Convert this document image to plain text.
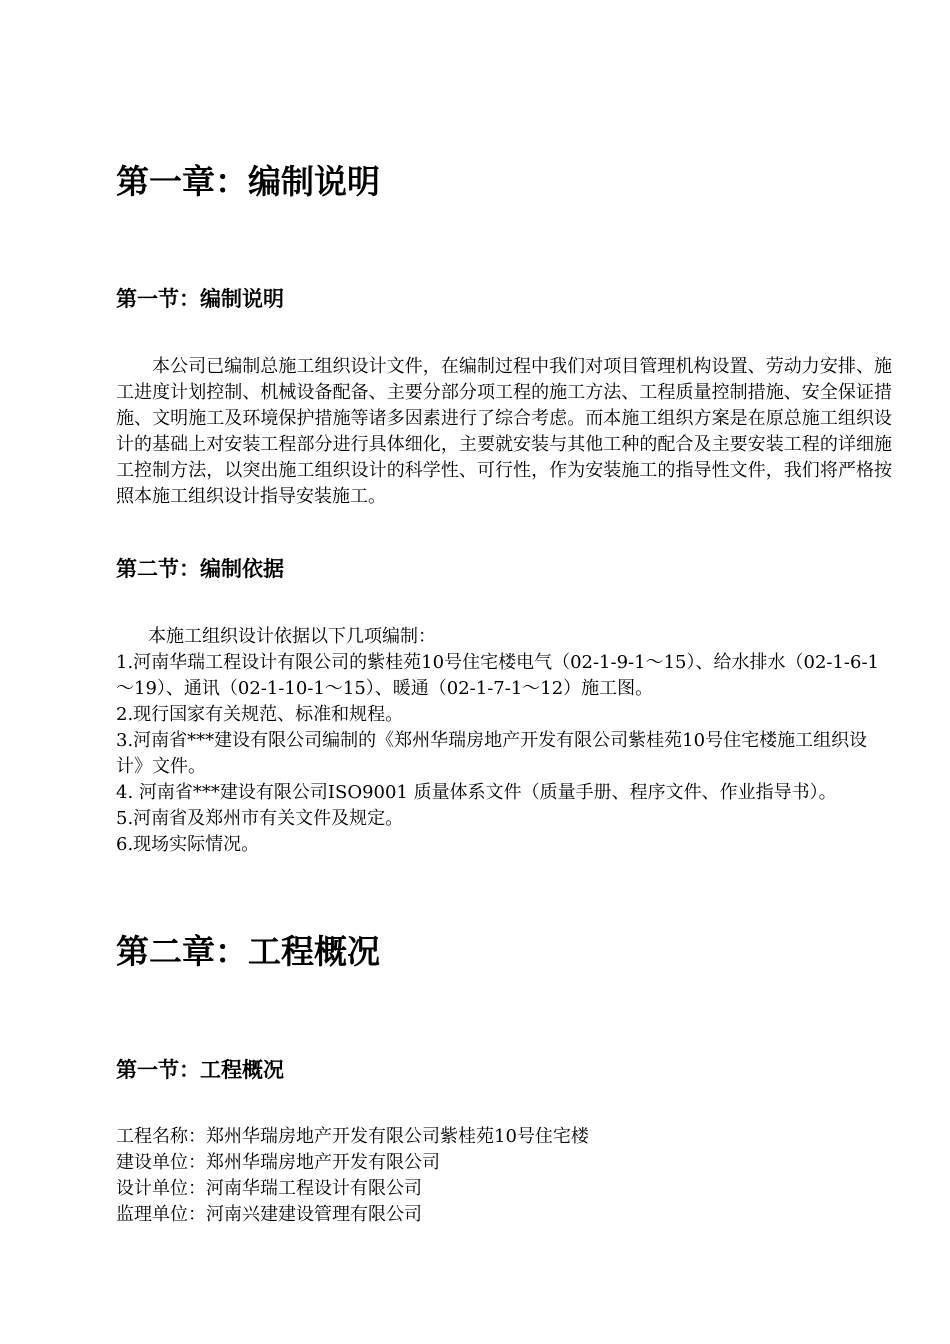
第一章：编制说明
第一节：编制说明

本公司已编制总施工组织设计文件，在编制过程中我们对项目管理机构设置、劳动力安排、施工进度计划控制、机械设备配备、主要分部分项工程的施工方法、工程质量控制措施、安全保证措施、文明施工及环境保护措施等诸多因素进行了综合考虑。而本施工组织方案是在原总施工组织设计的基础上对安装工程部分进行具体细化，主要就安装与其他工种的配合及主要安装工程的详细施工控制方法，以突出施工组织设计的科学性、可行性，作为安装施工的指导性文件，我们将严格按照本施工组织设计指导安装施工。

第二节：编制依据
本施工组织设计依据以下几项编制：
1.河南华瑞工程设计有限公司的紫桂苑10号住宅楼电气（02-1-9-1～15）、给水排水（02-1-6-1～19）、通讯（02-1-10-1～15）、暖通（02-1-7-1～12）施工图。
2.现行国家有关规范、标准和规程。
3.河南省***建设有限公司编制的《郑州华瑞房地产开发有限公司紫桂苑10号住宅楼施工组织设计》文件。
4. 河南省***建设有限公司ISO9001 质量体系文件（质量手册、程序文件、作业指导书）。
5.河南省及郑州市有关文件及规定。
6.现场实际情况。
第二章：工程概况
第一节：工程概况
工程名称：郑州华瑞房地产开发有限公司紫桂苑10号住宅楼
建设单位：郑州华瑞房地产开发有限公司
设计单位：河南华瑞工程设计有限公司
监理单位：河南兴建建设管理有限公司
